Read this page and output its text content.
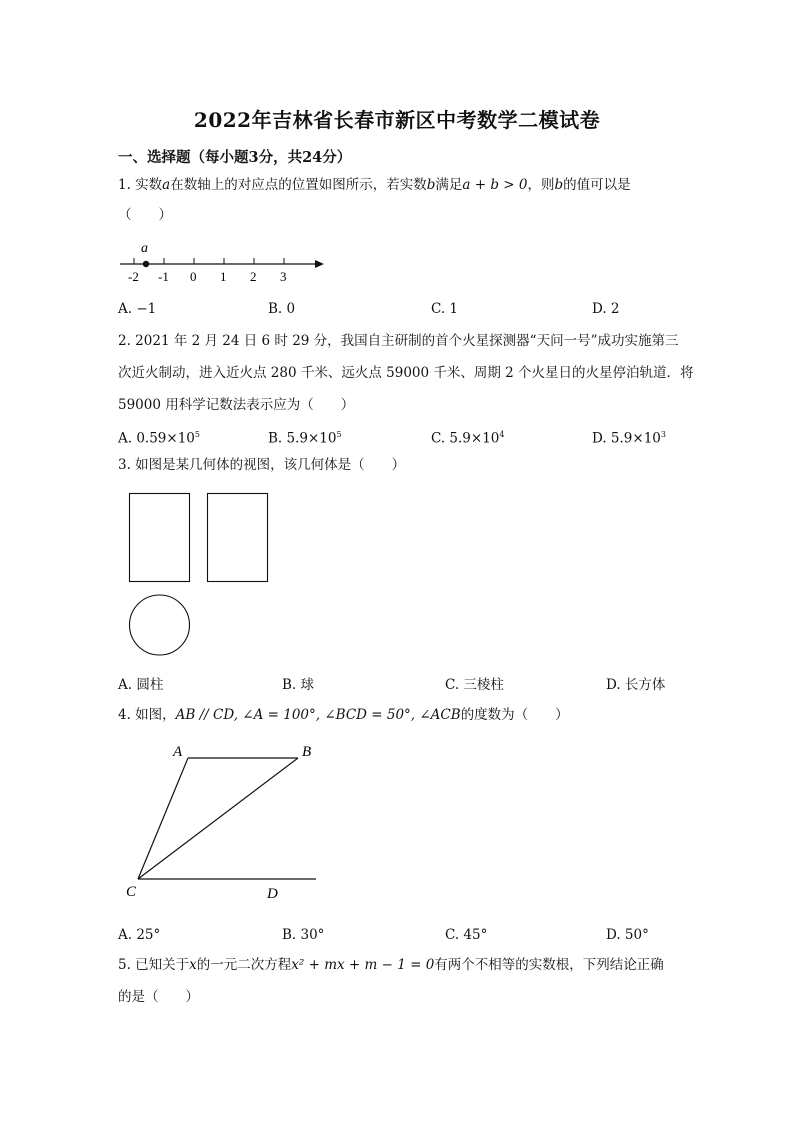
2022年吉林省长春市新区中考数学二模试卷
一、选择题（每小题3分，共24分）
1. 实数a在数轴上的对应点的位置如图所示，若实数b满足a + b > 0，则b的值可以是
（　　）
a
-2 -1 0 1 2 3
A. −1	B. 0	C. 1	D. 2
2. 2021 年 2 月 24 日 6 时 29 分，我国自主研制的首个火星探测器“天问一号”成功实施第三
次近火制动，进入近火点 280 千米、远火点 59000 千米、周期 2 个火星日的火星停泊轨道．将
59000 用科学记数法表示应为（　　）
A. $0.59\times 10^5$	B. $5.9\times 10^5$	C. $5.9\times 10^4$	D. $5.9\times 10^3$
3. 如图是某几何体的视图，该几何体是（　　）
A. 圆柱	B. 球	C. 三棱柱	D. 长方体
4. 如图，AB // CD, ∠A = 100°, ∠BCD = 50°, ∠ACB的度数为（　　）
A	B
C	D
A. 25°	B. 30°	C. 45°	D. 50°
5. 已知关于x的一元二次方程x² + mx + m − 1 = 0有两个不相等的实数根，下列结论正确
的是（　　）
